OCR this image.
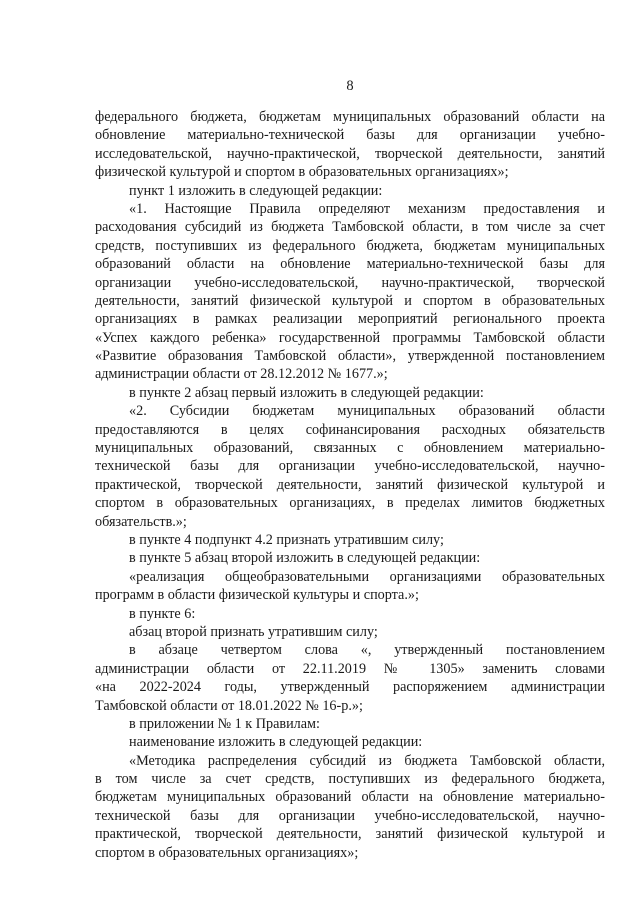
8
федерального бюджета, бюджетам муниципальных образований области на
обновление материально-технической базы для организации учебно-
исследовательской, научно-практической, творческой деятельности, занятий
физической культурой и спортом в образовательных организациях»;
пункт 1 изложить в следующей редакции:
«1. Настоящие Правила определяют механизм предоставления и
расходования субсидий из бюджета Тамбовской области, в том числе за счет
средств, поступивших из федерального бюджета, бюджетам муниципальных
образований области на обновление материально-технической базы для
организации учебно-исследовательской, научно-практической, творческой
деятельности, занятий физической культурой и спортом в образовательных
организациях в рамках реализации мероприятий регионального проекта
«Успех каждого ребенка» государственной программы Тамбовской области
«Развитие образования Тамбовской области», утвержденной постановлением
администрации области от 28.12.2012 № 1677.»;
в пункте 2 абзац первый изложить в следующей редакции:
«2. Субсидии бюджетам муниципальных образований области
предоставляются в целях софинансирования расходных обязательств
муниципальных образований, связанных с обновлением материально-
технической базы для организации учебно-исследовательской, научно-
практической, творческой деятельности, занятий физической культурой и
спортом в образовательных организациях, в пределах лимитов бюджетных
обязательств.»;
в пункте 4 подпункт 4.2 признать утратившим силу;
в пункте 5 абзац второй изложить в следующей редакции:
«реализация общеобразовательными организациями образовательных
программ в области физической культуры и спорта.»;
в пункте 6:
абзац второй признать утратившим силу;
в абзаце четвертом слова «, утвержденный постановлением
администрации области от 22.11.2019 № 1305» заменить словами
«на 2022-2024 годы, утвержденный распоряжением администрации
Тамбовской области от 18.01.2022 № 16-р.»;
в приложении № 1 к Правилам:
наименование изложить в следующей редакции:
«Методика распределения субсидий из бюджета Тамбовской области,
в том числе за счет средств, поступивших из федерального бюджета,
бюджетам муниципальных образований области на обновление материально-
технической базы для организации учебно-исследовательской, научно-
практической, творческой деятельности, занятий физической культурой и
спортом в образовательных организациях»;
